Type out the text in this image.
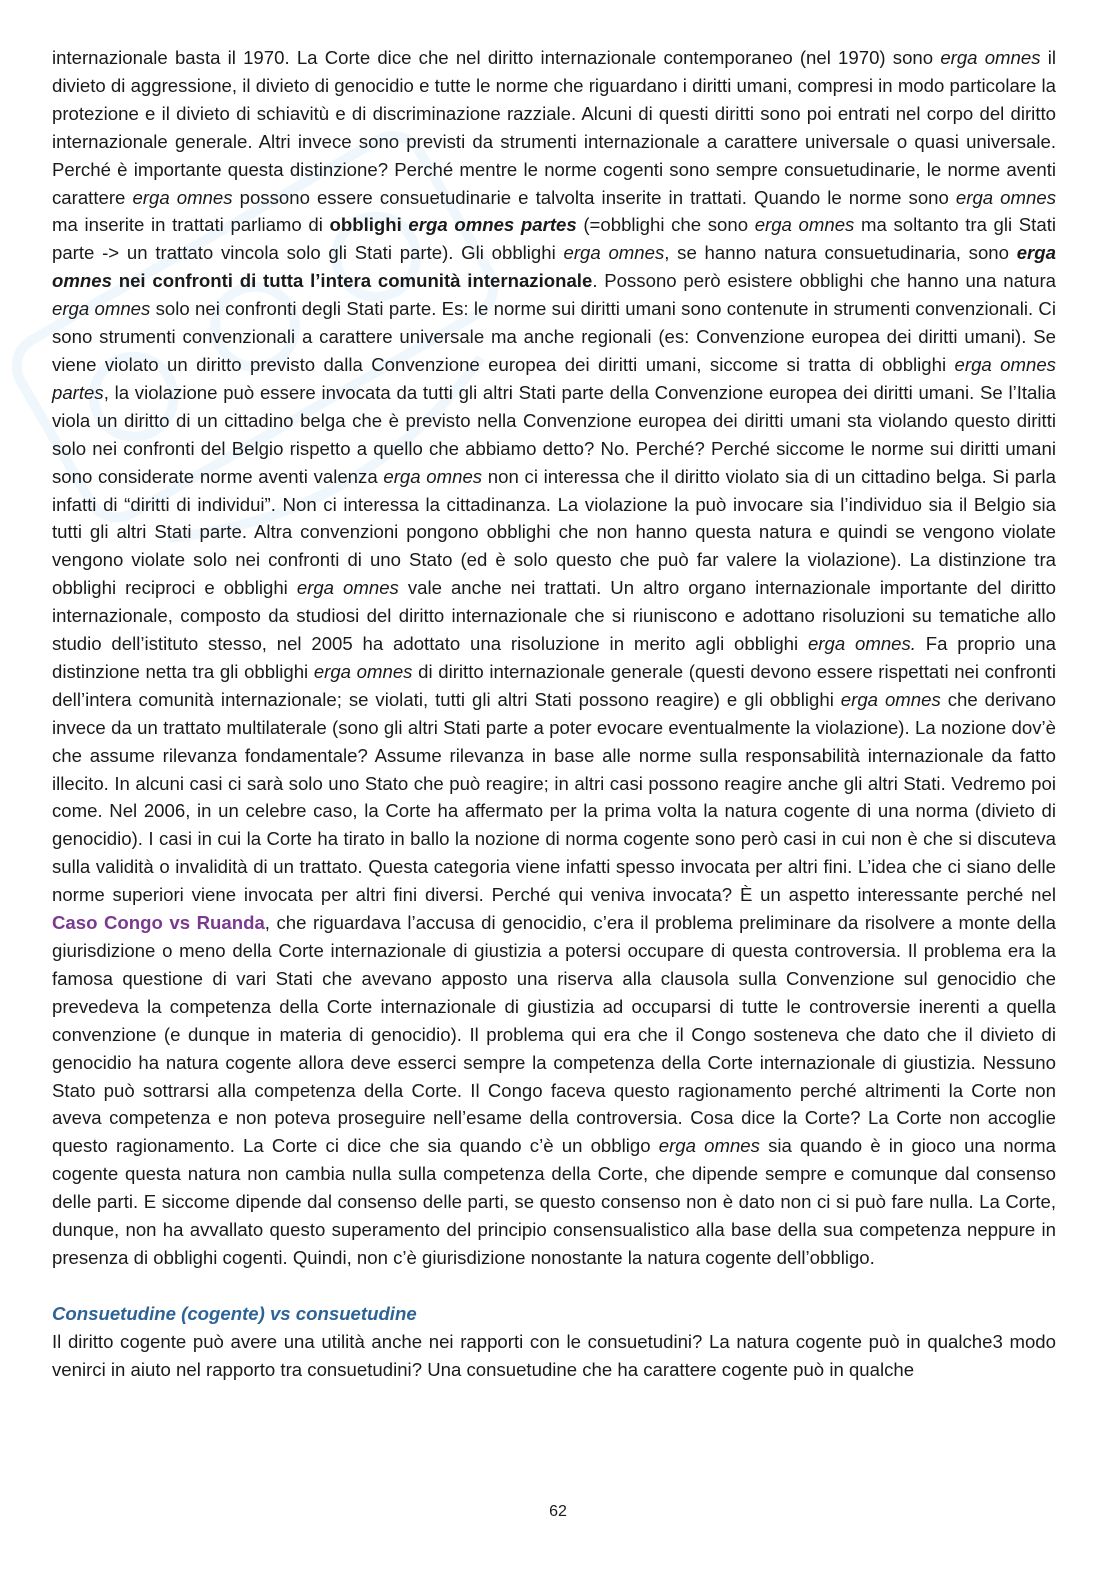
internazionale basta il 1970. La Corte dice che nel diritto internazionale contemporaneo (nel 1970) sono erga omnes il divieto di aggressione, il divieto di genocidio e tutte le norme che riguardano i diritti umani, compresi in modo particolare la protezione e il divieto di schiavitù e di discriminazione razziale. Alcuni di questi diritti sono poi entrati nel corpo del diritto internazionale generale. Altri invece sono previsti da strumenti internazionale a carattere universale o quasi universale. Perché è importante questa distinzione? Perché mentre le norme cogenti sono sempre consuetudinarie, le norme aventi carattere erga omnes possono essere consuetudinarie e talvolta inserite in trattati. Quando le norme sono erga omnes ma inserite in trattati parliamo di obblighi erga omnes partes (=obblighi che sono erga omnes ma soltanto tra gli Stati parte -> un trattato vincola solo gli Stati parte). Gli obblighi erga omnes, se hanno natura consuetudinaria, sono erga omnes nei confronti di tutta l’intera comunità internazionale. Possono però esistere obblighi che hanno una natura erga omnes solo nei confronti degli Stati parte. Es: le norme sui diritti umani sono contenute in strumenti convenzionali. Ci sono strumenti convenzionali a carattere universale ma anche regionali (es: Convenzione europea dei diritti umani). Se viene violato un diritto previsto dalla Convenzione europea dei diritti umani, siccome si tratta di obblighi erga omnes partes, la violazione può essere invocata da tutti gli altri Stati parte della Convenzione europea dei diritti umani. Se l’Italia viola un diritto di un cittadino belga che è previsto nella Convenzione europea dei diritti umani sta violando questo diritti solo nei confronti del Belgio rispetto a quello che abbiamo detto? No. Perché? Perché siccome le norme sui diritti umani sono considerate norme aventi valenza erga omnes non ci interessa che il diritto violato sia di un cittadino belga. Si parla infatti di “diritti di individui”. Non ci interessa la cittadinanza. La violazione la può invocare sia l’individuo sia il Belgio sia tutti gli altri Stati parte. Altra convenzioni pongono obblighi che non hanno questa natura e quindi se vengono violate vengono violate solo nei confronti di uno Stato (ed è solo questo che può far valere la violazione). La distinzione tra obblighi reciproci e obblighi erga omnes vale anche nei trattati. Un altro organo internazionale importante del diritto internazionale, composto da studiosi del diritto internazionale che si riuniscono e adottano risoluzioni su tematiche allo studio dell’istituto stesso, nel 2005 ha adottato una risoluzione in merito agli obblighi erga omnes. Fa proprio una distinzione netta tra gli obblighi erga omnes di diritto internazionale generale (questi devono essere rispettati nei confronti dell’intera comunità internazionale; se violati, tutti gli altri Stati possono reagire) e gli obblighi erga omnes che derivano invece da un trattato multilaterale (sono gli altri Stati parte a poter evocare eventualmente la violazione). La nozione dov’è che assume rilevanza fondamentale? Assume rilevanza in base alle norme sulla responsabilità internazionale da fatto illecito. In alcuni casi ci sarà solo uno Stato che può reagire; in altri casi possono reagire anche gli altri Stati. Vedremo poi come. Nel 2006, in un celebre caso, la Corte ha affermato per la prima volta la natura cogente di una norma (divieto di genocidio). I casi in cui la Corte ha tirato in ballo la nozione di norma cogente sono però casi in cui non è che si discuteva sulla validità o invalidità di un trattato. Questa categoria viene infatti spesso invocata per altri fini. L’idea che ci siano delle norme superiori viene invocata per altri fini diversi. Perché qui veniva invocata? È un aspetto interessante perché nel Caso Congo vs Ruanda, che riguardava l’accusa di genocidio, c’era il problema preliminare da risolvere a monte della giurisdizione o meno della Corte internazionale di giustizia a potersi occupare di questa controversia. Il problema era la famosa questione di vari Stati che avevano apposto una riserva alla clausola sulla Convenzione sul genocidio che prevedeva la competenza della Corte internazionale di giustizia ad occuparsi di tutte le controversie inerenti a quella convenzione (e dunque in materia di genocidio). Il problema qui era che il Congo sosteneva che dato che il divieto di genocidio ha natura cogente allora deve esserci sempre la competenza della Corte internazionale di giustizia. Nessuno Stato può sottrarsi alla competenza della Corte. Il Congo faceva questo ragionamento perché altrimenti la Corte non aveva competenza e non poteva proseguire nell’esame della controversia. Cosa dice la Corte? La Corte non accoglie questo ragionamento. La Corte ci dice che sia quando c’è un obbligo erga omnes sia quando è in gioco una norma cogente questa natura non cambia nulla sulla competenza della Corte, che dipende sempre e comunque dal consenso delle parti. E siccome dipende dal consenso delle parti, se questo consenso non è dato non ci si può fare nulla. La Corte, dunque, non ha avvallato questo superamento del principio consensualistico alla base della sua competenza neppure in presenza di obblighi cogenti. Quindi, non c’è giurisdizione nonostante la natura cogente dell’obbligo.

Consuetudine (cogente) vs consuetudine

Il diritto cogente può avere una utilità anche nei rapporti con le consuetudini? La natura cogente può in qualche3 modo venirci in aiuto nel rapporto tra consuetudini? Una consuetudine che ha carattere cogente può in qualche

62
